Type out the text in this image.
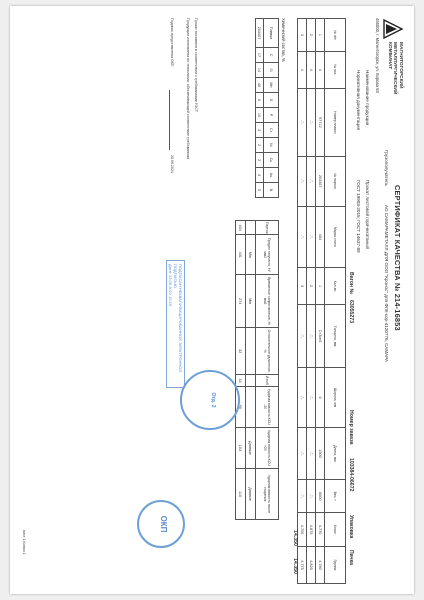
МАГНИТОГОРСКИЙ
МЕТАЛЛУРГИЧЕСКИЙ
КОМБИНАТ
455000, г. Магнитогорск, ул. Кирова 93
СЕРТИФИКАТ КАЧЕСТВА № 214-16853
Грузополучатель
АО САМАРАМЕТАЛЛ ДЛЯ ООО "Кронос" для ФЛК-кор-4120776, САМАРА
Наименование продукции
Прокат листовой горячекатаный
Нормативная документация
ГОСТ 19903-2015; ГОСТ 14637-89
Вагон №
63055273
Номер заказа
103384-06672
Упаковка
Пачка
№ п/п	№ поз.	Номер плавки	№ партии	Марка стали	Кол-во	Толщина, мм	Ширина, мм	Длина, мм	Вес, т	Класс	Группа
1	4	97712	203467	404	1	Ст3сп5	6	1500	6000	4.770	4.780
2	4	-"-	-"-	-"-	2	-"-	-"-	-"-	-"-	4.875	4.825
3	4	-"-	-"-	-"-	3	-"-	-"-	-"-	-"-	4.705	4.775
14.350
14.350
Химический состав, %
Плавка	C	Si	Mn	S	P	Cr	Ni	Cu	As	N
203467	17	14	46	6	10	3	2	2	3	5
Партия	Предел текучести, Н/мм2	Временное сопротивление, Н/мм2	Относительное удлинение, %	Изгиб	Ударная вязкость KCU -20	Ударная вязкость KCU +20	Ударная вязкость после старения
	Min	Min				Данные	Данные
404	431	274	32	33	90	103	110
Прокат поставлен в соответствии с требованиями ГОСТ
Продукция изготовлена по технологии, обеспечивающей соответствие требованиям
Подпись представителя ОКП
28.06.2021
ПОДПИСАН НЕКВАЛИФИЦИРОВАННОЙ ЭЛЕКТРОННОЙ ПОДПИСЬЮ
Дата: 23.06.2021 15:19
Отд. 2
ОКП
лист 1 Копия 1
